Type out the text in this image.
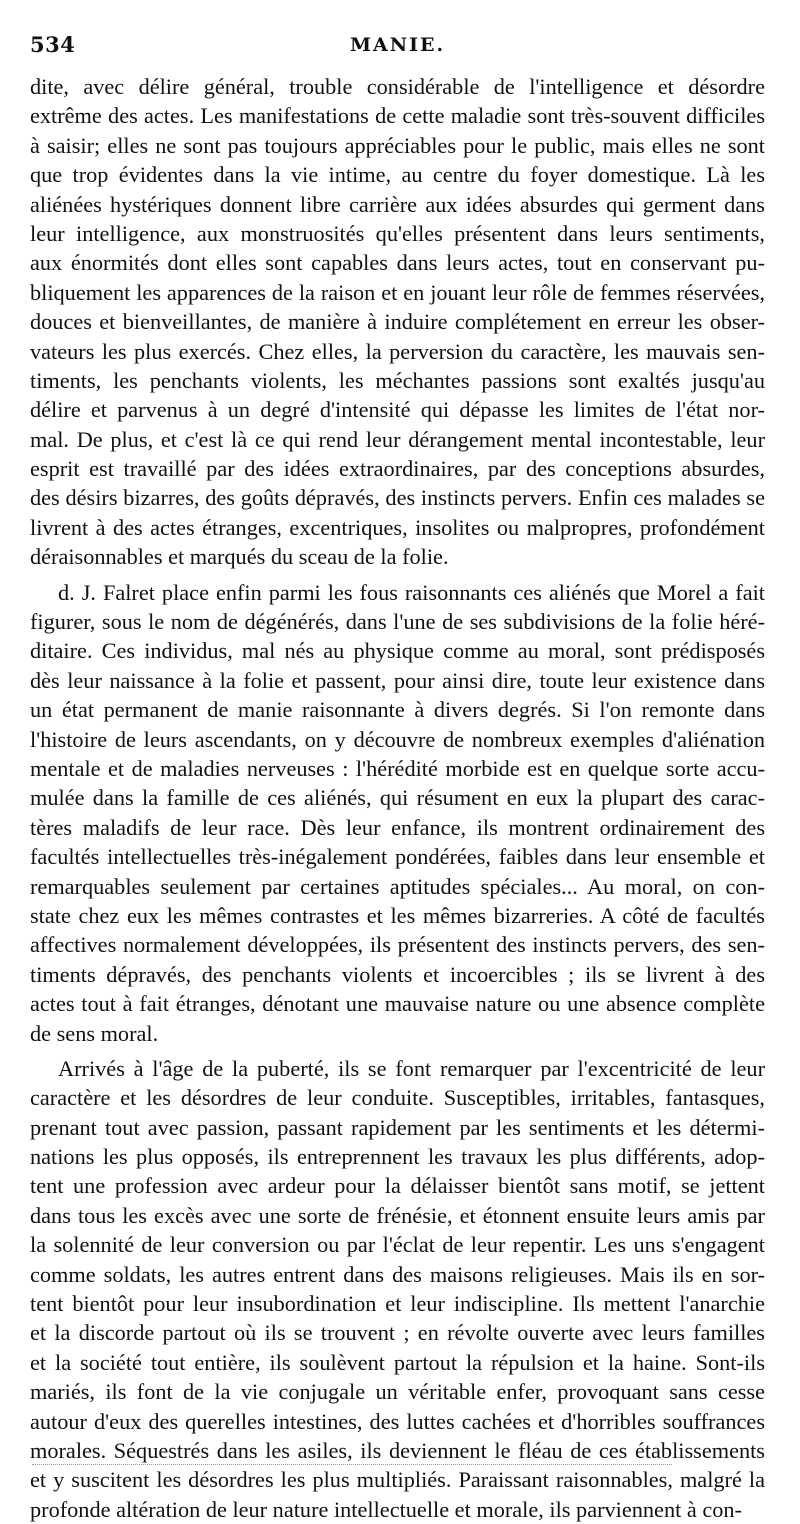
534	MANIE.
dite, avec délire général, trouble considérable de l'intelligence et désordre
extrême des actes. Les manifestations de cette maladie sont très-souvent difficiles
à saisir; elles ne sont pas toujours appréciables pour le public, mais elles ne sont
que trop évidentes dans la vie intime, au centre du foyer domestique. Là les
aliénées hystériques donnent libre carrière aux idées absurdes qui germent dans
leur intelligence, aux monstruosités qu'elles présentent dans leurs sentiments,
aux énormités dont elles sont capables dans leurs actes, tout en conservant pu-
bliquement les apparences de la raison et en jouant leur rôle de femmes réservées,
douces et bienveillantes, de manière à induire complétement en erreur les obser-
vateurs les plus exercés. Chez elles, la perversion du caractère, les mauvais sen-
timents, les penchants violents, les méchantes passions sont exaltés jusqu'au
délire et parvenus à un degré d'intensité qui dépasse les limites de l'état nor-
mal. De plus, et c'est là ce qui rend leur dérangement mental incontestable, leur
esprit est travaillé par des idées extraordinaires, par des conceptions absurdes,
des désirs bizarres, des goûts dépravés, des instincts pervers. Enfin ces malades se
livrent à des actes étranges, excentriques, insolites ou malpropres, profondément
déraisonnables et marqués du sceau de la folie.
d. J. Falret place enfin parmi les fous raisonnants ces aliénés que Morel a fait
figurer, sous le nom de dégénérés, dans l'une de ses subdivisions de la folie héré-
ditaire. Ces individus, mal nés au physique comme au moral, sont prédisposés
dès leur naissance à la folie et passent, pour ainsi dire, toute leur existence dans
un état permanent de manie raisonnante à divers degrés. Si l'on remonte dans
l'histoire de leurs ascendants, on y découvre de nombreux exemples d'aliénation
mentale et de maladies nerveuses : l'hérédité morbide est en quelque sorte accu-
mulée dans la famille de ces aliénés, qui résument en eux la plupart des carac-
tères maladifs de leur race. Dès leur enfance, ils montrent ordinairement des
facultés intellectuelles très-inégalement pondérées, faibles dans leur ensemble et
remarquables seulement par certaines aptitudes spéciales... Au moral, on con-
state chez eux les mêmes contrastes et les mêmes bizarreries. A côté de facultés
affectives normalement développées, ils présentent des instincts pervers, des sen-
timents dépravés, des penchants violents et incoercibles ; ils se livrent à des
actes tout à fait étranges, dénotant une mauvaise nature ou une absence complète
de sens moral.
Arrivés à l'âge de la puberté, ils se font remarquer par l'excentricité de leur
caractère et les désordres de leur conduite. Susceptibles, irritables, fantasques,
prenant tout avec passion, passant rapidement par les sentiments et les détermi-
nations les plus opposés, ils entreprennent les travaux les plus différents, adop-
tent une profession avec ardeur pour la délaisser bientôt sans motif, se jettent
dans tous les excès avec une sorte de frénésie, et étonnent ensuite leurs amis par
la solennité de leur conversion ou par l'éclat de leur repentir. Les uns s'engagent
comme soldats, les autres entrent dans des maisons religieuses. Mais ils en sor-
tent bientôt pour leur insubordination et leur indiscipline. Ils mettent l'anarchie
et la discorde partout où ils se trouvent ; en révolte ouverte avec leurs familles
et la société tout entière, ils soulèvent partout la répulsion et la haine. Sont-ils
mariés, ils font de la vie conjugale un véritable enfer, provoquant sans cesse
autour d'eux des querelles intestines, des luttes cachées et d'horribles souffrances
morales. Séquestrés dans les asiles, ils deviennent le fléau de ces établissements
et y suscitent les désordres les plus multipliés. Paraissant raisonnables, malgré la
profonde altération de leur nature intellectuelle et morale, ils parviennent à con-
